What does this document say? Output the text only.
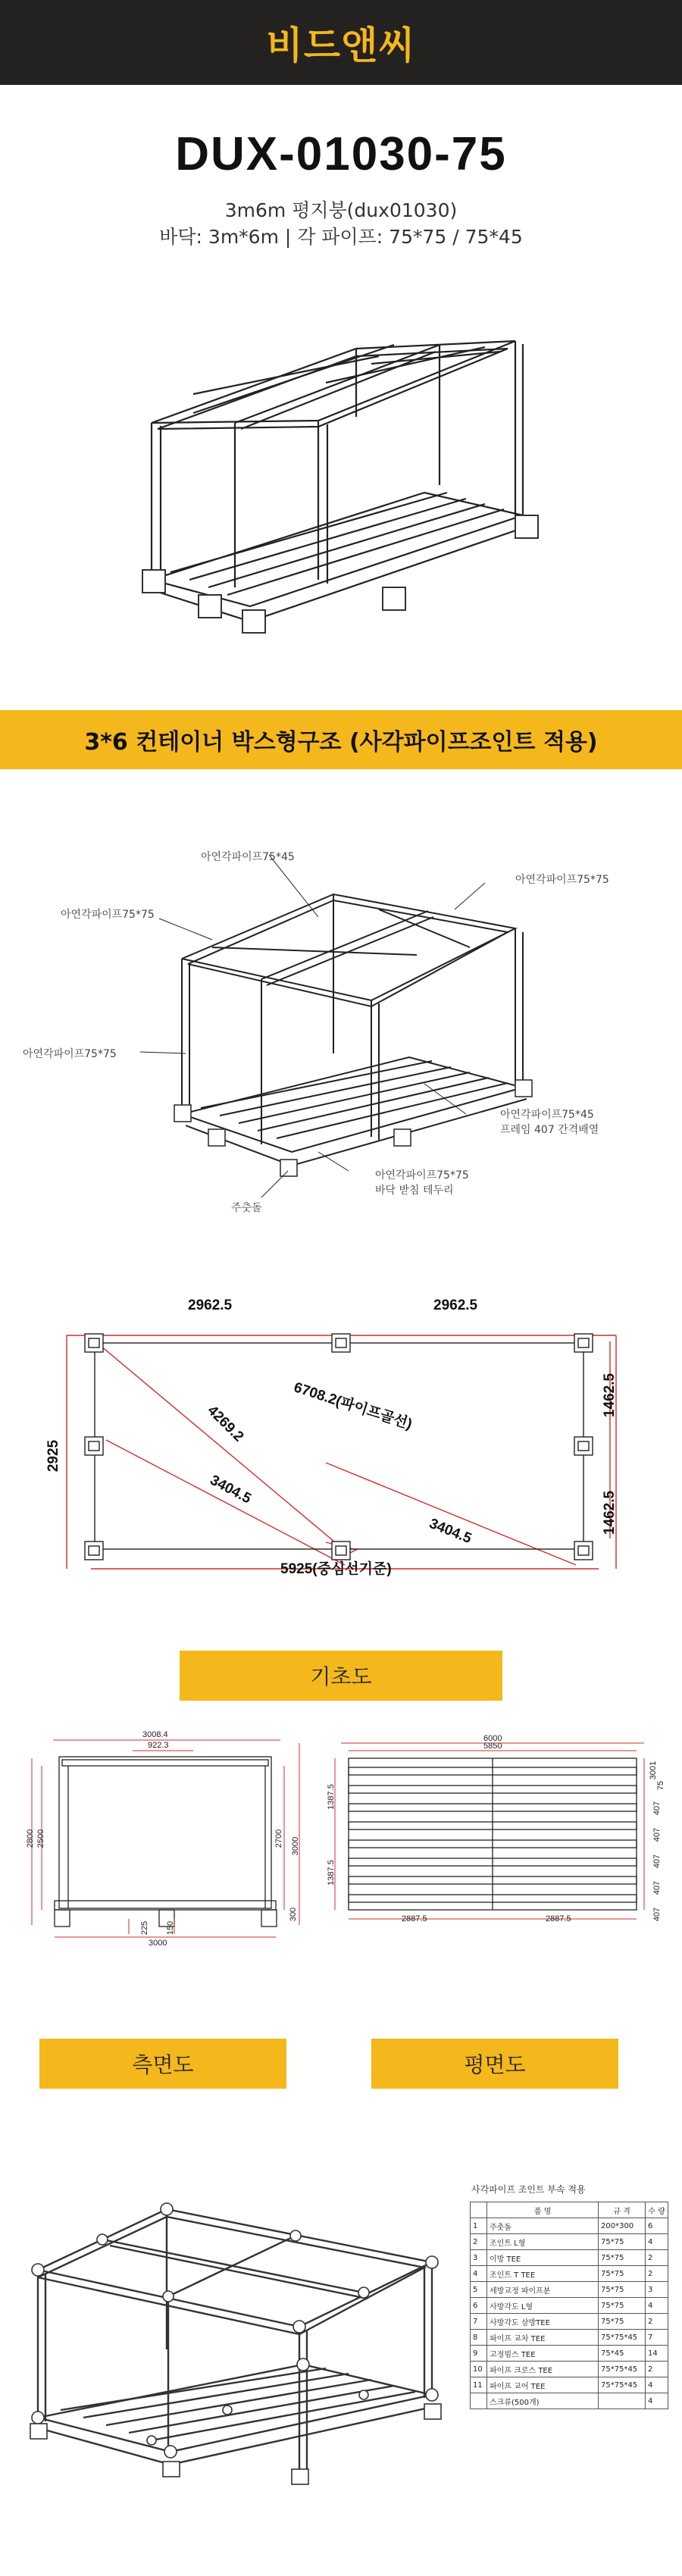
비드앤씨
DUX-01030-75
3m6m 평지붕(dux01030)
바닥: 3m*6m | 각 파이프: 75*75 / 75*45
3*6 컨테이너 박스형구조 (사각파이프조인트 적용)
아연각파이프75*45
아연각파이프75*75
아연각파이프75*75
아연각파이프75*75
아연각파이프75*45
프레임 407 간격배열
아연각파이프75*75
바닥 받침 테두리
주춧돌
2962.5	2962.5
6708.2(파이프골선)
4269.2
3404.5
3404.5
2925
1462.5
1462.5
5925(중심선기준)
기초도
3008.4
922.3
2800 2500	2700 3000
300
225 150
3000
6000
5850
1387.5
1387.5
3001
75
407
407
407
407
407
2887.5	2887.5
측면도	평면도
사각파이프 조인트 부속 적용
	품 명	규 격	수 량
1	주춧돌	200*300	6
2	조인트 L형	75*75	4
3	이방 TEE	75*75	2
4	조인트 T TEE	75*75	2
5	세방교정 파이프분	75*75	3
6	사방각도 L형	75*75	4
7	사방각도 삼방TEE	75*75	2
8	파이프 교차 TEE	75*75*45	7
9	고정빔스 TEE	75*45	14
10	파이프 크로스 TEE	75*75*45	2
11	파이프 교어 TEE	75*75*45	4
	스크류(500개)		4
